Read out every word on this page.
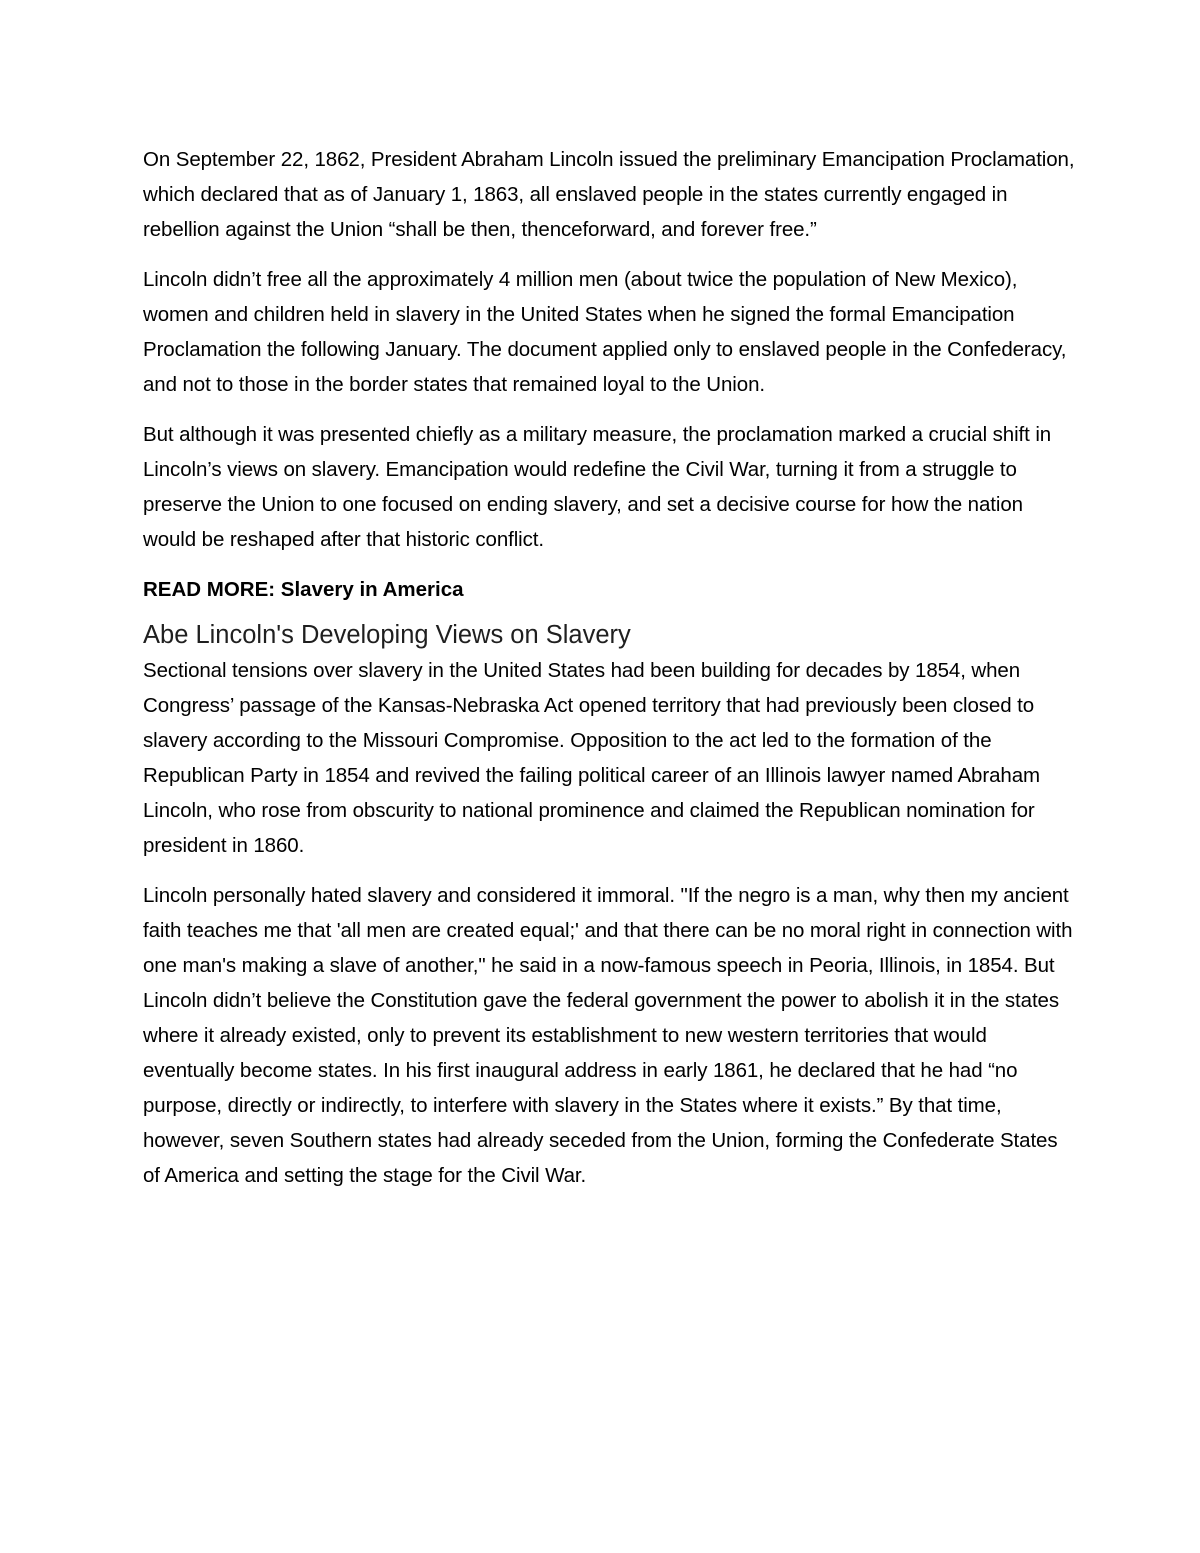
On September 22, 1862, President Abraham Lincoln issued the preliminary Emancipation Proclamation, which declared that as of January 1, 1863, all enslaved people in the states currently engaged in rebellion against the Union “shall be then, thenceforward, and forever free.”

Lincoln didn’t free all the approximately 4 million men (about twice the population of New Mexico), women and children held in slavery in the United States when he signed the formal Emancipation Proclamation the following January. The document applied only to enslaved people in the Confederacy, and not to those in the border states that remained loyal to the Union.

But although it was presented chiefly as a military measure, the proclamation marked a crucial shift in Lincoln’s views on slavery. Emancipation would redefine the Civil War, turning it from a struggle to preserve the Union to one focused on ending slavery, and set a decisive course for how the nation would be reshaped after that historic conflict.

READ MORE: Slavery in America

Abe Lincoln's Developing Views on Slavery

Sectional tensions over slavery in the United States had been building for decades by 1854, when Congress’ passage of the Kansas-Nebraska Act opened territory that had previously been closed to slavery according to the Missouri Compromise. Opposition to the act led to the formation of the Republican Party in 1854 and revived the failing political career of an Illinois lawyer named Abraham Lincoln, who rose from obscurity to national prominence and claimed the Republican nomination for president in 1860.

Lincoln personally hated slavery and considered it immoral. "If the negro is a man, why then my ancient faith teaches me that 'all men are created equal;' and that there can be no moral right in connection with one man's making a slave of another," he said in a now-famous speech in Peoria, Illinois, in 1854. But Lincoln didn’t believe the Constitution gave the federal government the power to abolish it in the states where it already existed, only to prevent its establishment to new western territories that would eventually become states. In his first inaugural address in early 1861, he declared that he had “no purpose, directly or indirectly, to interfere with slavery in the States where it exists.” By that time, however, seven Southern states had already seceded from the Union, forming the Confederate States of America and setting the stage for the Civil War.
